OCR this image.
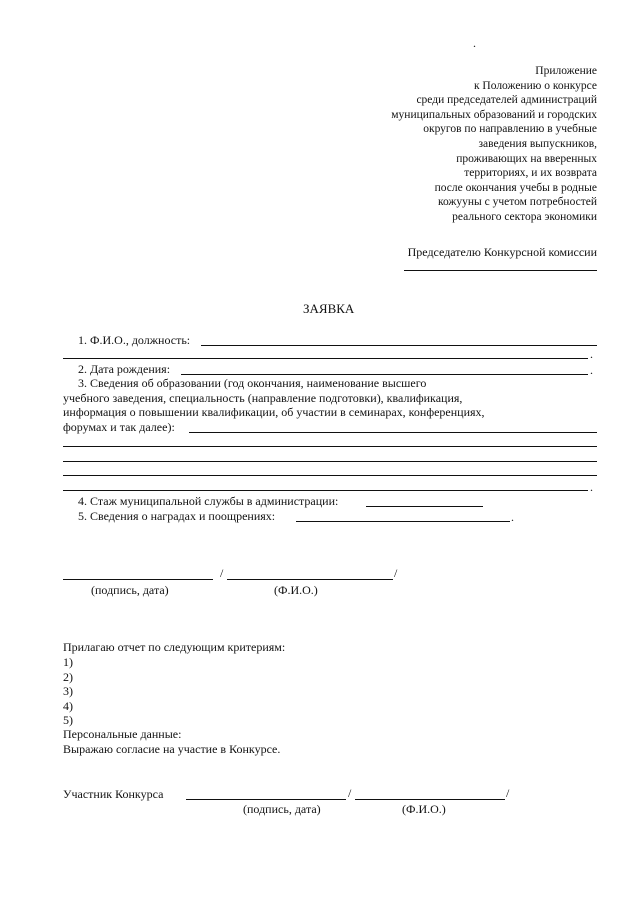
.
Приложение
к Положению о конкурсе
среди председателей администраций
муниципальных образований и городских
округов по направлению в учебные
заведения выпускников,
проживающих на вверенных
территориях, и их возврата
после окончания учебы в родные
кожууны с учетом потребностей
реального сектора экономики
Председателю Конкурсной комиссии
ЗАЯВКА
1. Ф.И.О., должность:
.
2. Дата рождения:	.
3. Сведения об образовании (год окончания, наименование высшего
учебного заведения, специальность (направление подготовки), квалификация,
информация о повышении квалификации, об участии в семинарах, конференциях,
форумах и так далее):
.
4. Стаж муниципальной службы в администрации:
5. Сведения о наградах и поощрениях:	.
/	/
(подпись, дата)	(Ф.И.О.)
Прилагаю отчет по следующим критериям:
1)
2)
3)
4)
5)
Персональные данные:
Выражаю согласие на участие в Конкурсе.
Участник Конкурса	/	/
(подпись, дата)	(Ф.И.О.)
